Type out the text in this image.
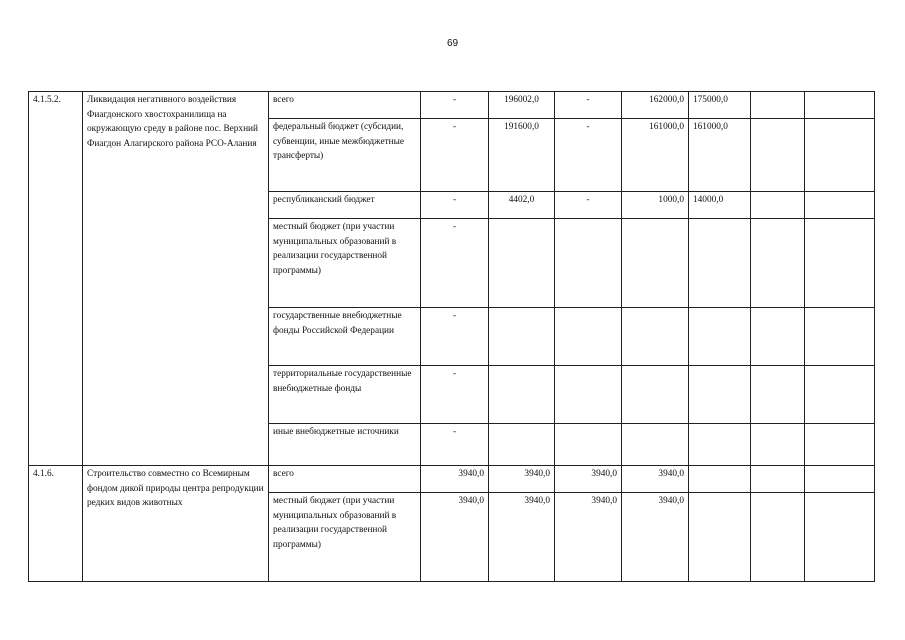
69
4.1.5.2.	Ликвидация негативного воздействия Фиагдонского хвостохранилища на окружающую среду в районе пос. Верхний Фиагдон Алагирского района РСО-Алания	всего	-	196002,0	-	162000,0	175000,0		
		федеральный бюджет (субсидии, субвенции, иные межбюджетные трансферты)	-	191600,0	-	161000,0	161000,0		
		республиканский бюджет	-	4402,0	-	1000,0	14000,0		
		местный бюджет (при участии муниципальных образований в реализации государственной программы)	-						
		государственные внебюджетные фонды Российской Федерации	-						
		территориальные государственные внебюджетные фонды	-						
		иные внебюджетные источники	-						
4.1.6.	Строительство совместно со Всемирным фондом дикой природы центра репродукции редких видов животных	всего	3940,0	3940,0	3940,0	3940,0			
		местный бюджет (при участии муниципальных образований в реализации государственной программы)	3940,0	3940,0	3940,0	3940,0			
